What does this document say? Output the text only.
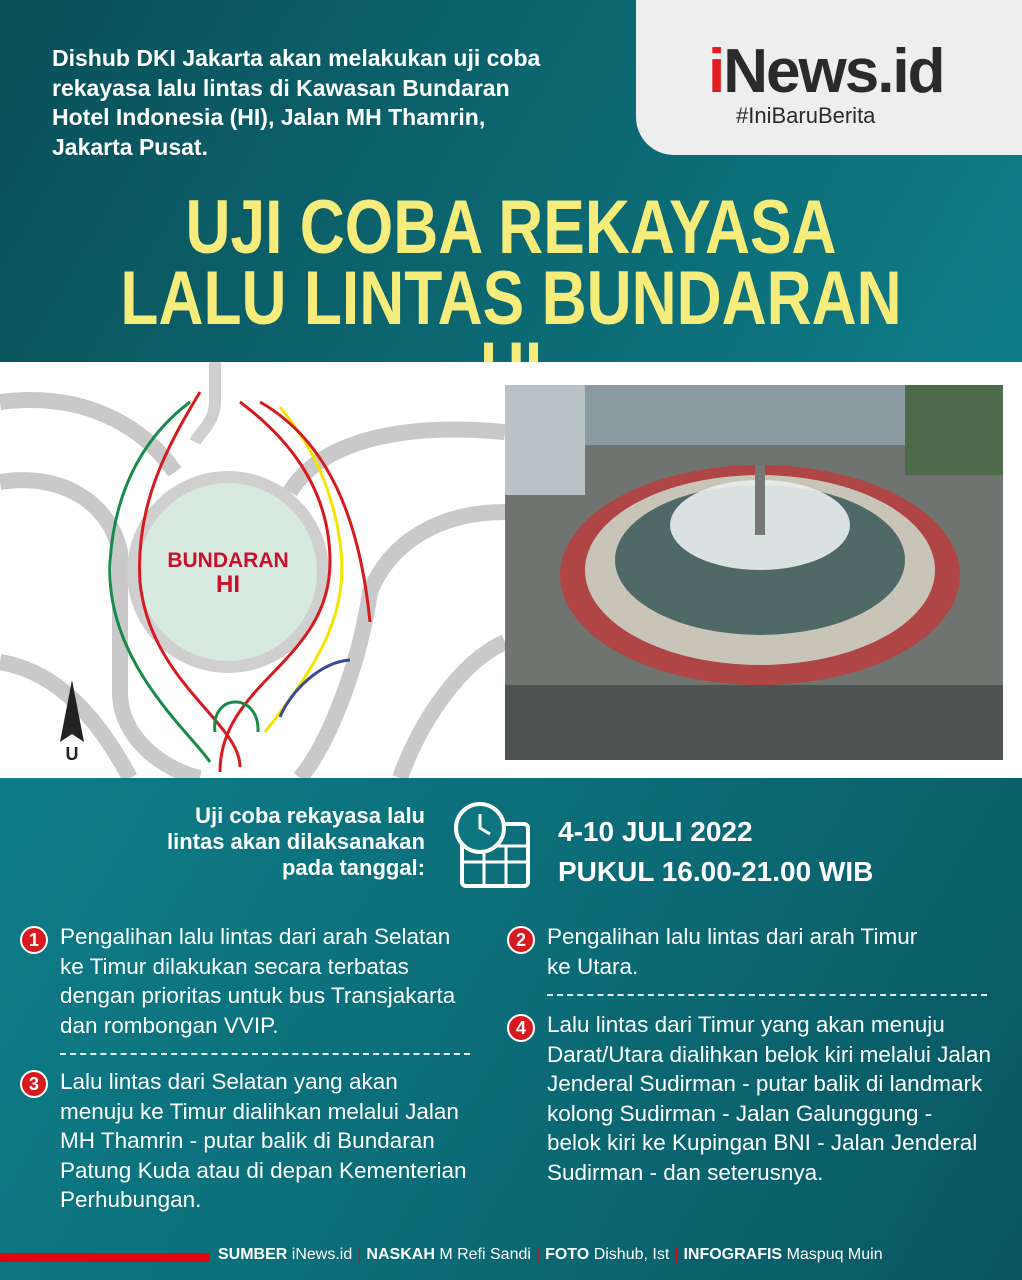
iNews.id
#IniBaruBerita
Dishub DKI Jakarta akan melakukan uji coba rekayasa lalu lintas di Kawasan Bundaran Hotel Indonesia (HI), Jalan MH Thamrin, Jakarta Pusat.
UJI COBA REKAYASA
LALU LINTAS BUNDARAN
BUNDARAN
HI
U
Uji coba rekayasa lalu
lintas akan dilaksanakan
pada tanggal:
4-10 JULI 2022
PUKUL 16.00-21.00 WIB
1 Pengalihan lalu lintas dari arah Selatan ke Timur dilakukan secara terbatas dengan prioritas untuk bus Transjakarta dan rombongan VVIP.
3 Lalu lintas dari Selatan yang akan menuju ke Timur dialihkan melalui Jalan MH Thamrin - putar balik di Bundaran Patung Kuda atau di depan Kementerian Perhubungan.
2 Pengalihan lalu lintas dari arah Timur ke Utara.
4 Lalu lintas dari Timur yang akan menuju Darat/Utara dialihkan belok kiri melalui Jalan Jenderal Sudirman - putar balik di landmark kolong Sudirman - Jalan Galunggung - belok kiri ke Kupingan BNI - Jalan Jenderal Sudirman - dan seterusnya.
SUMBER iNews.id | NASKAH M Refi Sandi | FOTO Dishub, Ist | INFOGRAFIS Maspuq Muin
